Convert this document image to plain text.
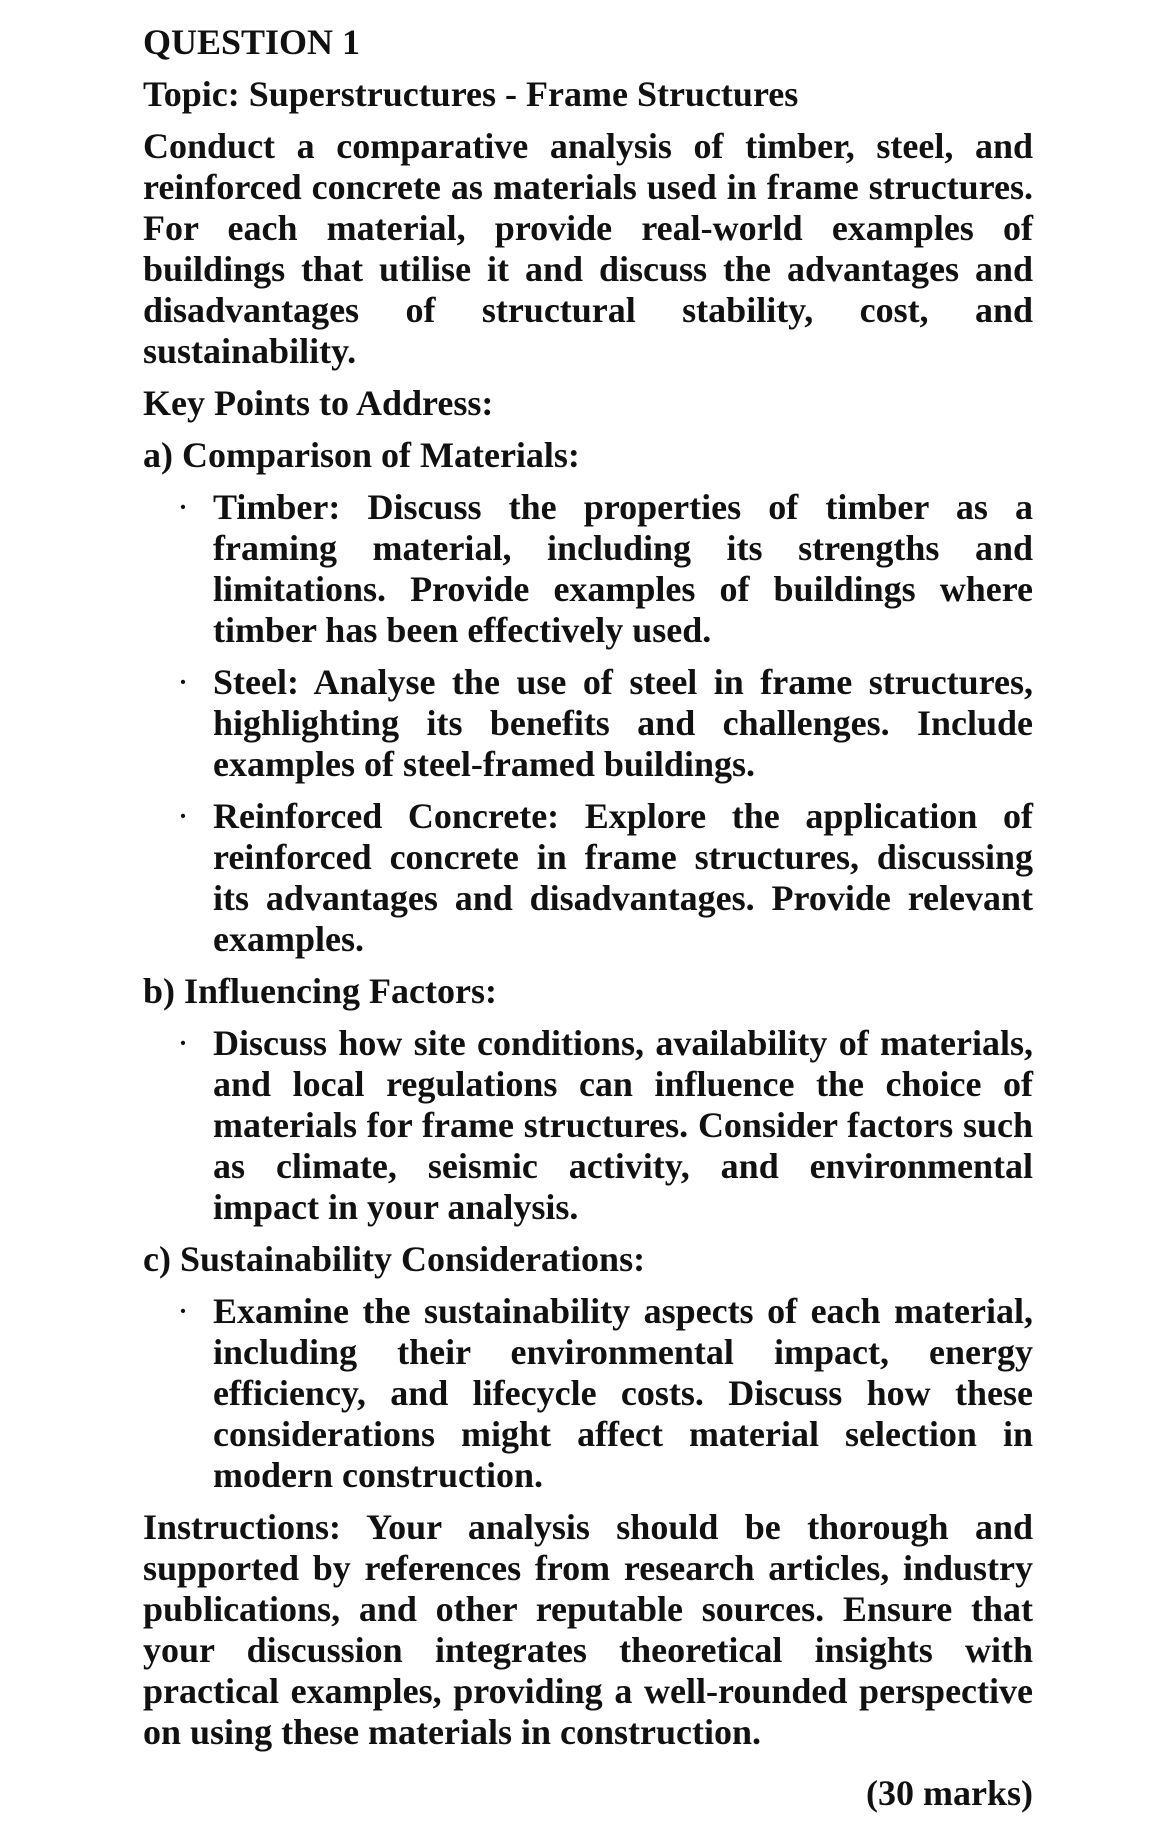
QUESTION 1
Topic: Superstructures - Frame Structures
Conduct a comparative analysis of timber, steel, and reinforced concrete as materials used in frame structures. For each material, provide real-world examples of buildings that utilise it and discuss the advantages and disadvantages of structural stability, cost, and sustainability.
Key Points to Address:
a) Comparison of Materials:
· Timber: Discuss the properties of timber as a framing material, including its strengths and limitations. Provide examples of buildings where timber has been effectively used.
· Steel: Analyse the use of steel in frame structures, highlighting its benefits and challenges. Include examples of steel-framed buildings.
· Reinforced Concrete: Explore the application of reinforced concrete in frame structures, discussing its advantages and disadvantages. Provide relevant examples.
b) Influencing Factors:
· Discuss how site conditions, availability of materials, and local regulations can influence the choice of materials for frame structures. Consider factors such as climate, seismic activity, and environmental impact in your analysis.
c) Sustainability Considerations:
· Examine the sustainability aspects of each material, including their environmental impact, energy efficiency, and lifecycle costs. Discuss how these considerations might affect material selection in modern construction.
Instructions: Your analysis should be thorough and supported by references from research articles, industry publications, and other reputable sources. Ensure that your discussion integrates theoretical insights with practical examples, providing a well-rounded perspective on using these materials in construction.
(30 marks)
